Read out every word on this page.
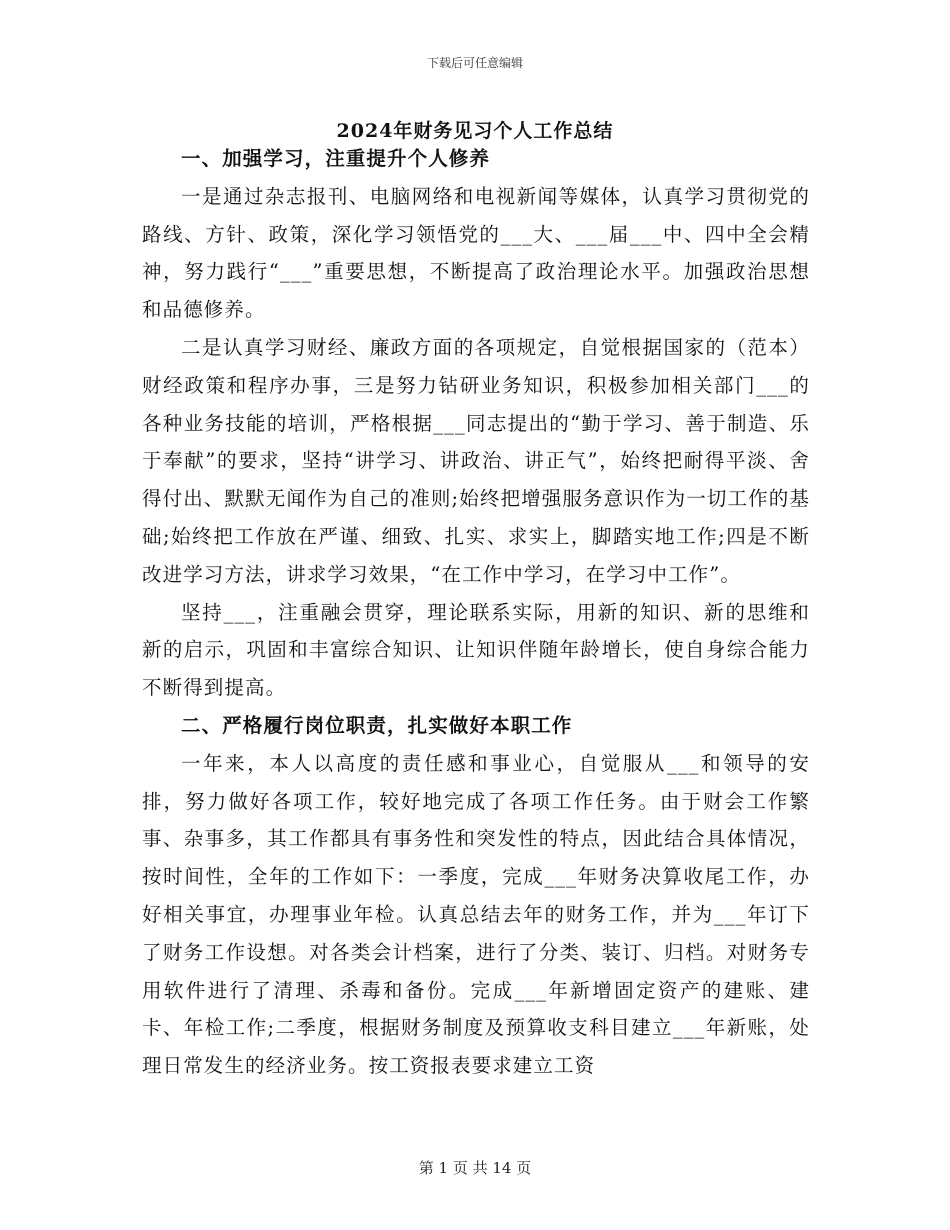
下载后可任意编辑
2024年财务见习个人工作总结
一、加强学习，注重提升个人修养

一是通过杂志报刊、电脑网络和电视新闻等媒体，认真学习贯彻党的路线、方针、政策，深化学习领悟党的___大、___届___中、四中全会精神，努力践行“___”重要思想，不断提高了政治理论水平。加强政治思想和品德修养。

二是认真学习财经、廉政方面的各项规定，自觉根据国家的（范本）财经政策和程序办事，三是努力钻研业务知识，积极参加相关部门___的各种业务技能的培训，严格根据___同志提出的“勤于学习、善于制造、乐于奉献”的要求，坚持“讲学习、讲政治、讲正气”，始终把耐得平淡、舍得付出、默默无闻作为自己的准则;始终把增强服务意识作为一切工作的基础;始终把工作放在严谨、细致、扎实、求实上，脚踏实地工作;四是不断改进学习方法，讲求学习效果，“在工作中学习，在学习中工作”。

坚持___，注重融会贯穿，理论联系实际，用新的知识、新的思维和新的启示，巩固和丰富综合知识、让知识伴随年龄增长，使自身综合能力不断得到提高。

二、严格履行岗位职责，扎实做好本职工作

一年来，本人以高度的责任感和事业心，自觉服从___和领导的安排，努力做好各项工作，较好地完成了各项工作任务。由于财会工作繁事、杂事多，其工作都具有事务性和突发性的特点，因此结合具体情况，按时间性，全年的工作如下：一季度，完成___年财务决算收尾工作，办好相关事宜，办理事业年检。认真总结去年的财务工作，并为___年订下了财务工作设想。对各类会计档案，进行了分类、装订、归档。对财务专用软件进行了清理、杀毒和备份。完成___年新增固定资产的建账、建卡、年检工作;二季度，根据财务制度及预算收支科目建立___年新账，处理日常发生的经济业务。按工资报表要求建立工资

第 1 页 共 14 页
